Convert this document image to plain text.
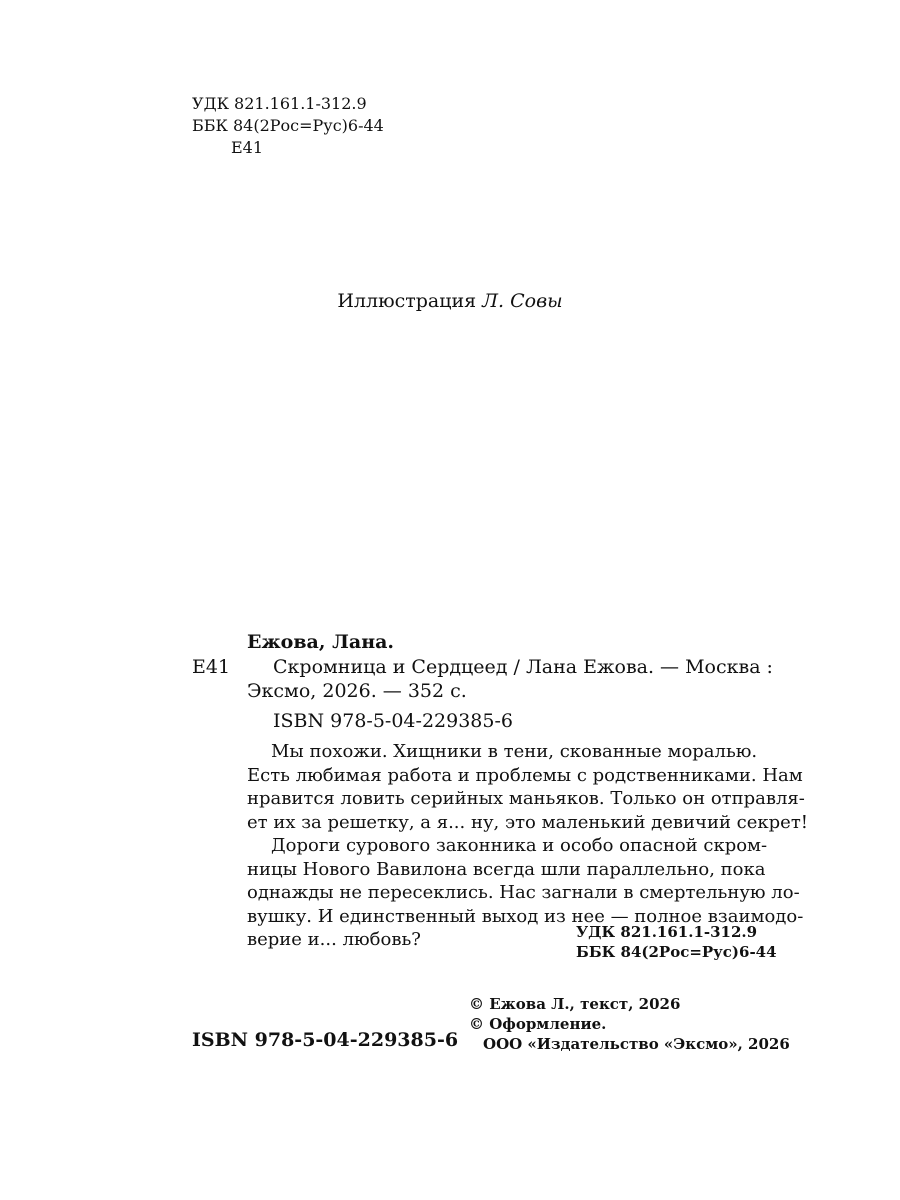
УДК 821.161.1-312.9
ББК 84(2Рос=Рус)6-44
Е41
Иллюстрация Л. Совы
Ежова, Лана.
Е41 Скромница и Сердцеед / Лана Ежова. — Москва :
Эксмо, 2026. — 352 с.
ISBN 978-5-04-229385-6
Мы похожи. Хищники в тени, скованные моралью.
Есть любимая работа и проблемы с родственниками. Нам
нравится ловить серийных маньяков. Только он отправля-
ет их за решетку, а я... ну, это маленький девичий секрет!
Дороги сурового законника и особо опасной скром-
ницы Нового Вавилона всегда шли параллельно, пока
однажды не пересеклись. Нас загнали в смертельную ло-
вушку. И единственный выход из нее — полное взаимодо-
верие и... любовь?	УДК 821.161.1-312.9
ББК 84(2Рос=Рус)6-44
ISBN 978-5-04-229385-6
© Ежова Л., текст, 2026
© Оформление.
ООО «Издательство «Эксмо», 2026
